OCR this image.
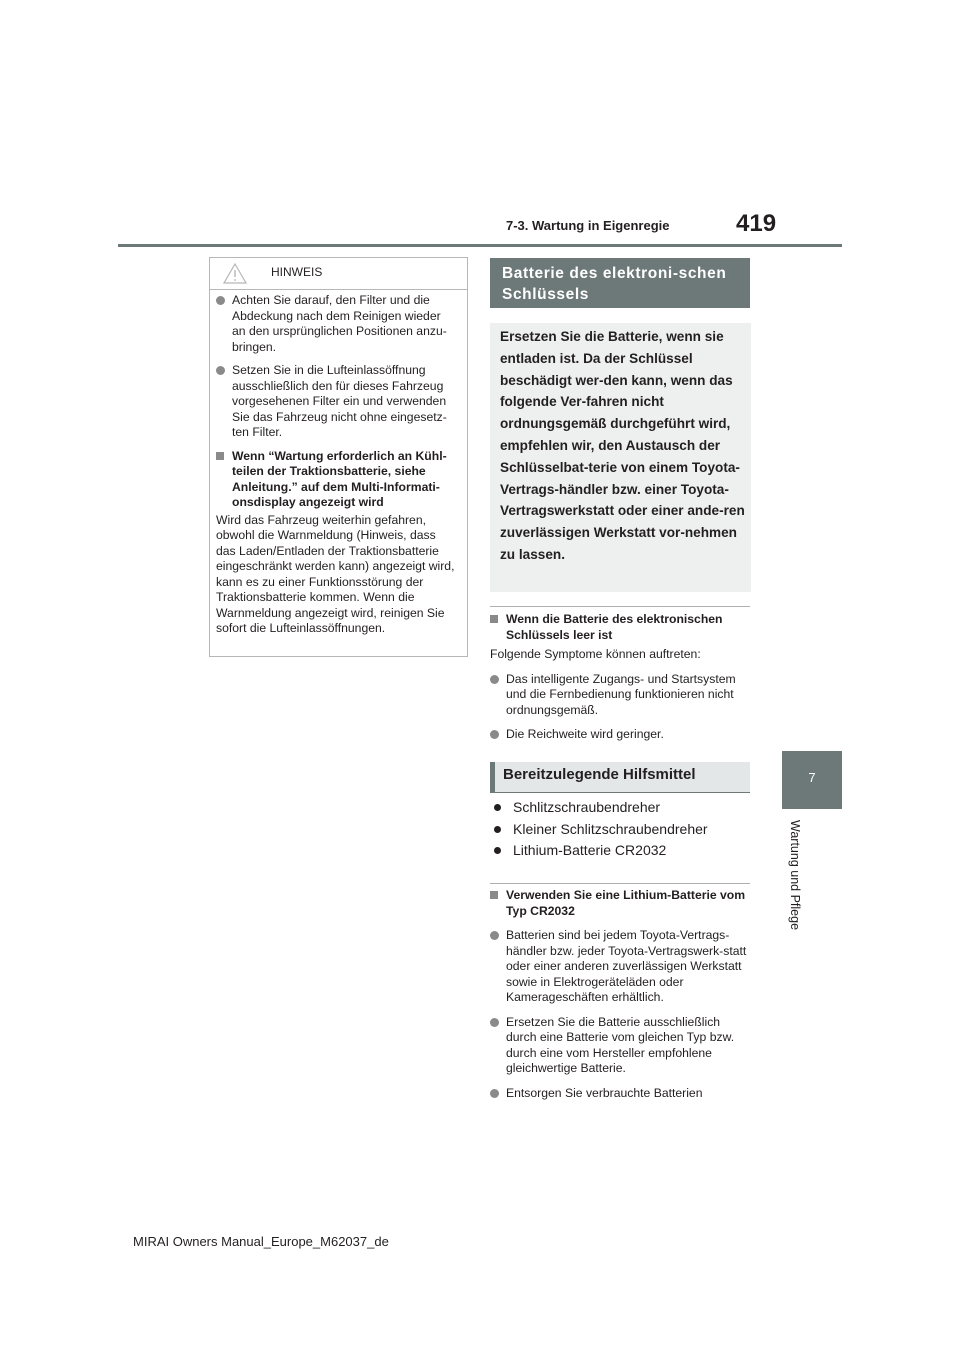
7-3. Wartung in Eigenregie	419
7
Wartung und Pflege
HINWEIS
Achten Sie darauf, den Filter und die Abdeckung nach dem Reinigen wieder an den ursprünglichen Positionen anzu-bringen.
Setzen Sie in die Lufteinlassöffnung ausschließlich den für dieses Fahrzeug vorgesehenen Filter ein und verwenden Sie das Fahrzeug nicht ohne eingesetz-ten Filter.
Wenn “Wartung erforderlich an Kühl-teilen der Traktionsbatterie, siehe Anleitung.” auf dem Multi-Informati-onsdisplay angezeigt wird
Wird das Fahrzeug weiterhin gefahren, obwohl die Warnmeldung (Hinweis, dass das Laden/Entladen der Traktionsbatterie eingeschränkt werden kann) angezeigt wird, kann es zu einer Funktionsstörung der Traktionsbatterie kommen. Wenn die Warnmeldung angezeigt wird, reinigen Sie sofort die Lufteinlassöffnungen.
Batterie des elektroni-schen Schlüssels
Ersetzen Sie die Batterie, wenn sie entladen ist. Da der Schlüssel beschädigt wer-den kann, wenn das folgende Ver-fahren nicht ordnungsgemäß durchgeführt wird, empfehlen wir, den Austausch der Schlüsselbat-terie von einem Toyota-Vertrags-händler bzw. einer Toyota-Vertragswerkstatt oder einer ande-ren zuverlässigen Werkstatt vor-nehmen zu lassen.
Wenn die Batterie des elektronischen Schlüssels leer ist
Folgende Symptome können auftreten:
Das intelligente Zugangs- und Startsystem und die Fernbedienung funktionieren nicht ordnungsgemäß.
Die Reichweite wird geringer.
Bereitzulegende Hilfsmittel
Schlitzschraubendreher
Kleiner Schlitzschraubendreher
Lithium-Batterie CR2032
Verwenden Sie eine Lithium-Batterie vom Typ CR2032
Batterien sind bei jedem Toyota-Vertrags-händler bzw. jeder Toyota-Vertragswerk-statt oder einer anderen zuverlässigen Werkstatt sowie in Elektrogeräteläden oder Kamerageschäften erhältlich.
Ersetzen Sie die Batterie ausschließlich durch eine Batterie vom gleichen Typ bzw. durch eine vom Hersteller empfohlene gleichwertige Batterie.
Entsorgen Sie verbrauchte Batterien
MIRAI Owners Manual_Europe_M62037_de
